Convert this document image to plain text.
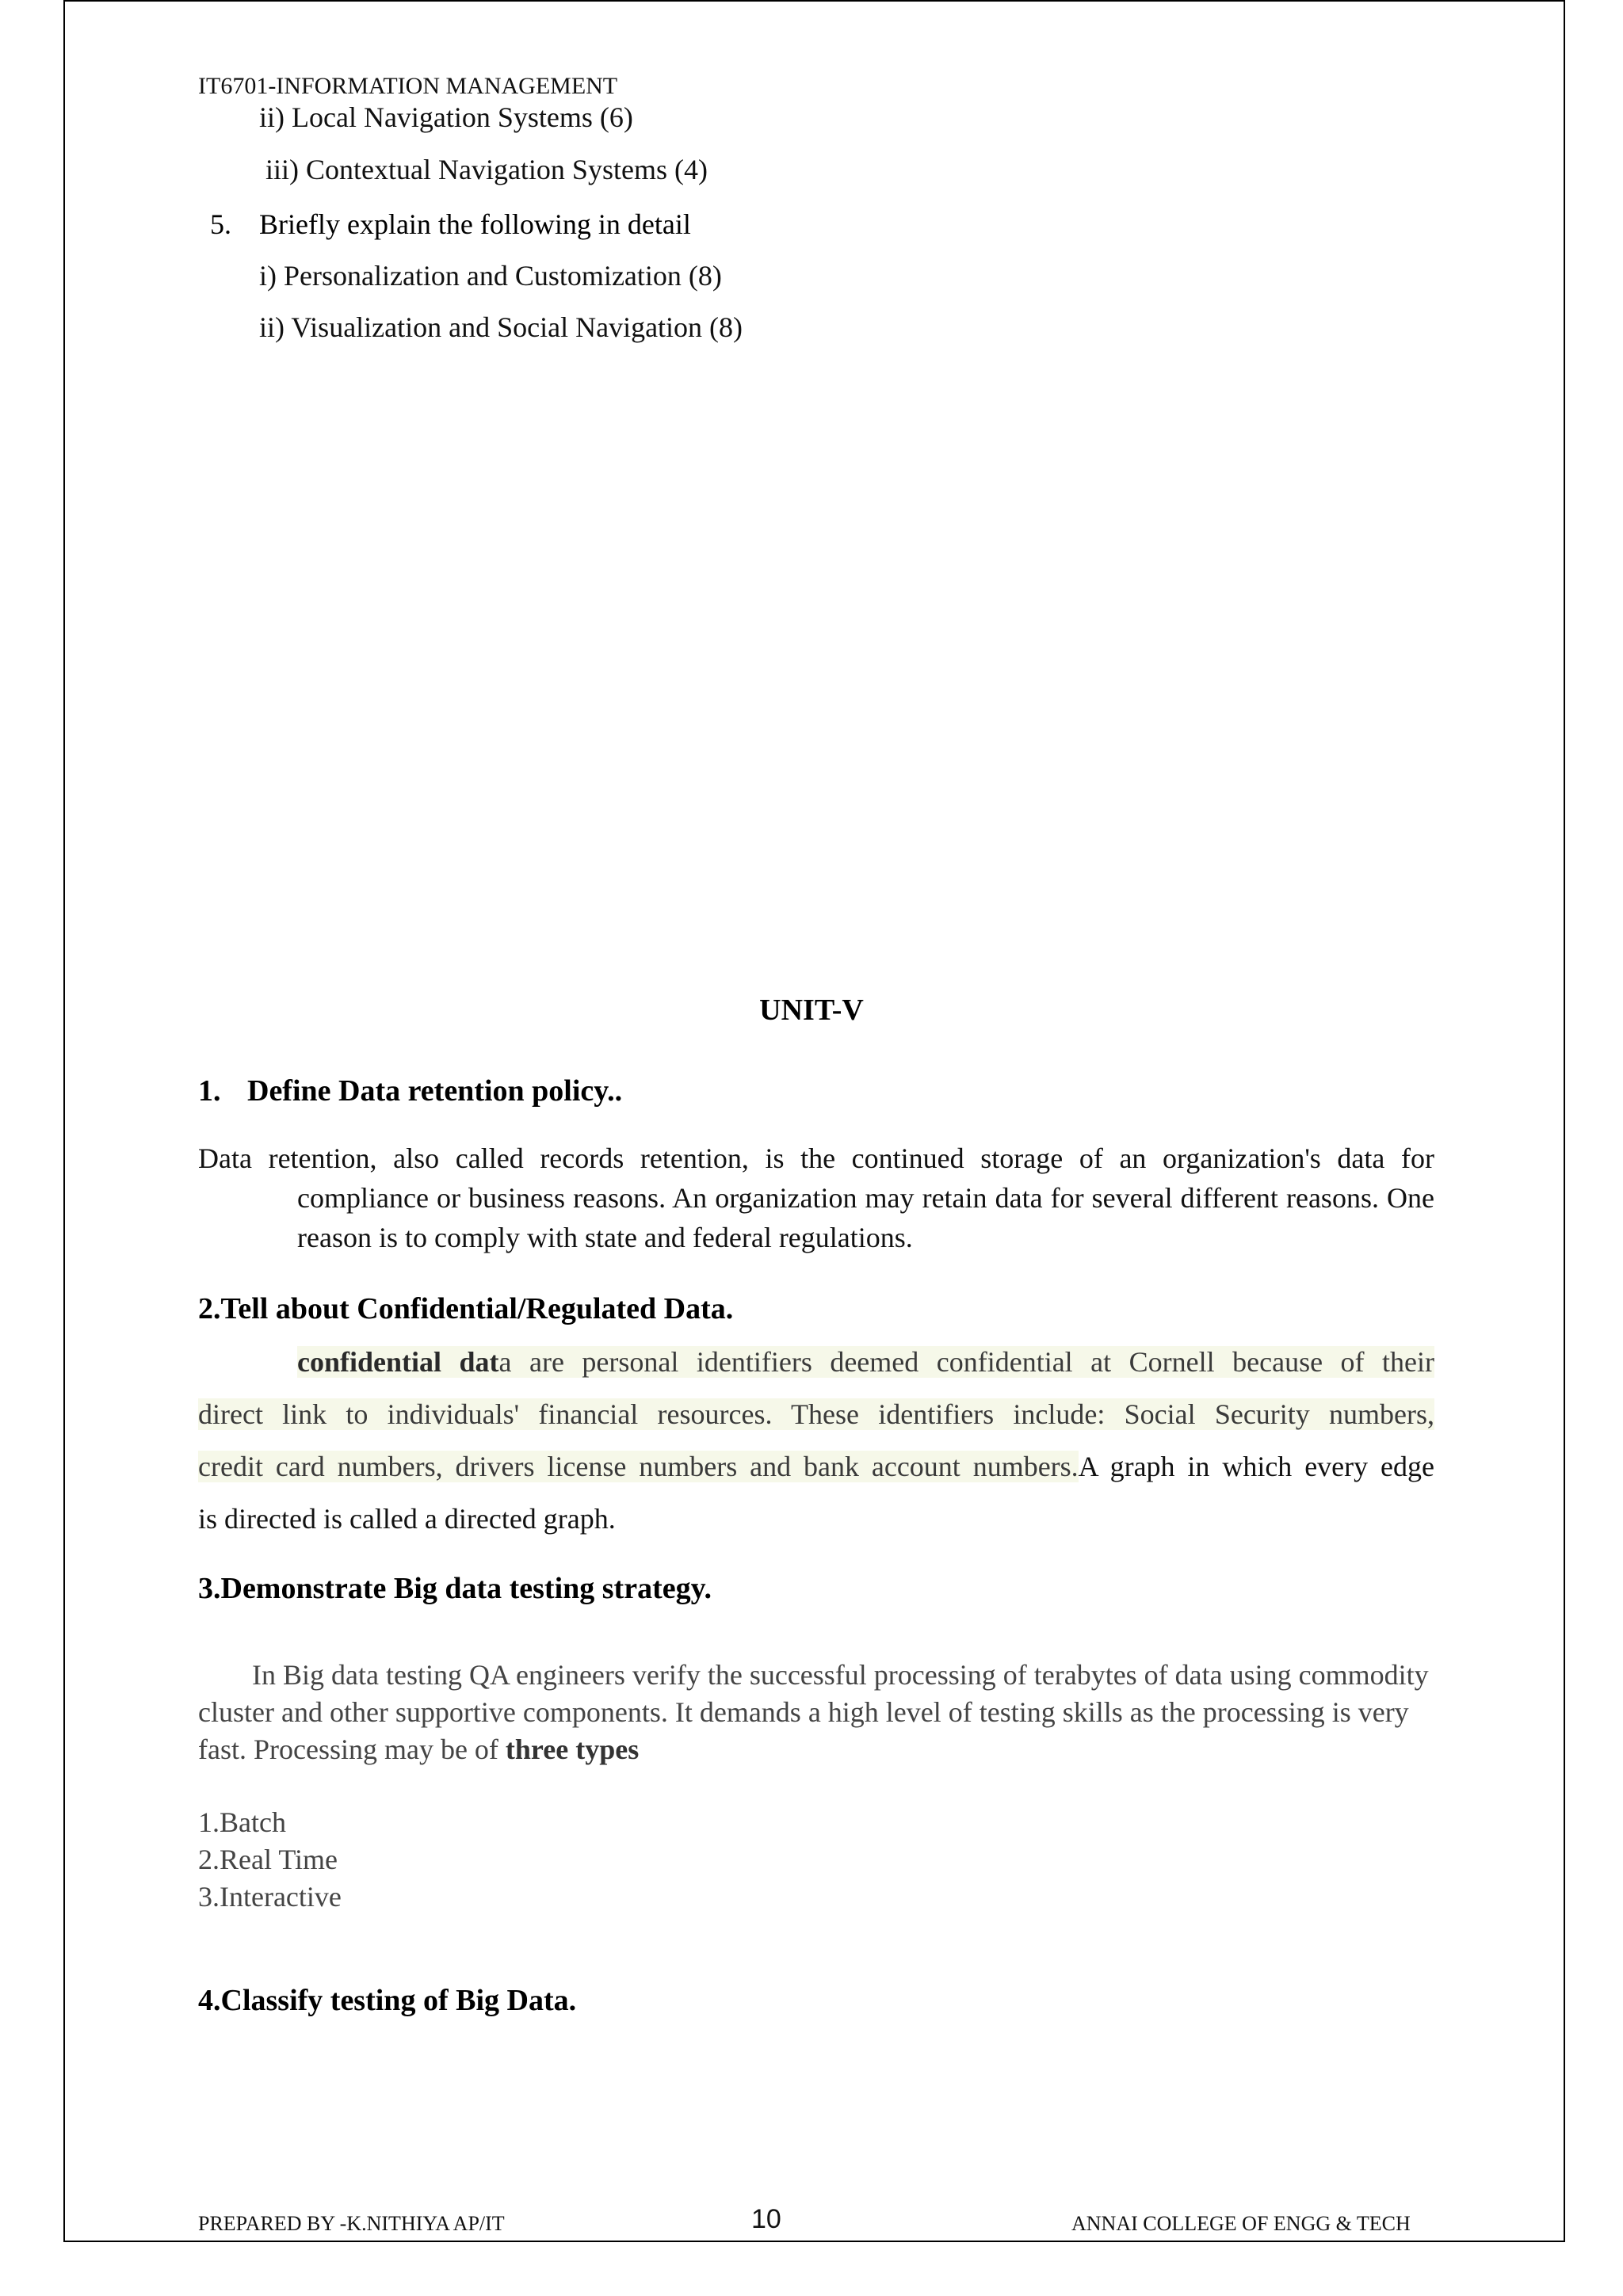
IT6701-INFORMATION MANAGEMENT
ii) Local Navigation Systems (6)
iii) Contextual Navigation Systems (4)
5. Briefly explain the following in detail
i) Personalization and Customization (8)
ii) Visualization and Social Navigation (8)
UNIT-V
1. Define Data retention policy..
Data retention, also called records retention, is the continued storage of an organization's data for
compliance or business reasons. An organization may retain data for several different reasons. One reason is to comply with state and federal regulations.
2.Tell about Confidential/Regulated Data.
confidential data are personal identifiers deemed confidential at Cornell because of their
direct link to individuals' financial resources. These identifiers include: Social Security numbers,
credit card numbers, drivers license numbers and bank account numbers.A graph in which every edge
is directed is called a directed graph.
3.Demonstrate Big data testing strategy.
In Big data testing QA engineers verify the successful processing of terabytes of data using commodity cluster and other supportive components. It demands a high level of testing skills as the processing is very fast. Processing may be of three types
1.Batch
2.Real Time
3.Interactive
4.Classify testing of Big Data.
PREPARED BY -K.NITHIYA AP/IT	10	ANNAI COLLEGE OF ENGG & TECH
